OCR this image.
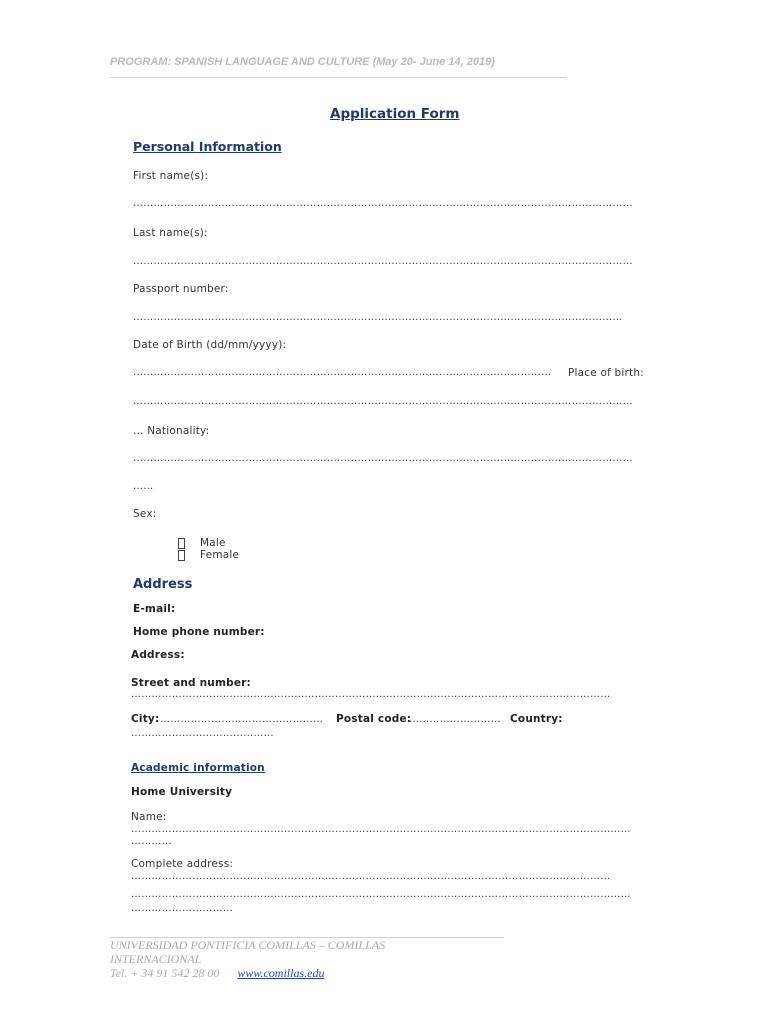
PROGRAM: SPANISH LANGUAGE AND CULTURE (May 20- June 14, 2019)
Application Form
Personal Information
First name(s):
…………………………………………………………………………………………………………………………………
Last name(s):
…………………………………………………………………………………………………………………………………
Passport number:
………………………………………………………………………………………………………………………………
Date of Birth (dd/mm/yyyy):
……………………………………………………………………………………………………………	Place of birth:
…………………………………………………………………………………………………………………………………
… Nationality:
…………………………………………………………………………………………………………………………………
……
Sex:
Male
Female
Address
E-mail:
Home phone number:
Address:
Street and number:
……………………………………………………………………………………………………………………………
City: …………………………………………	Postal code:
……………………… Country:
……………………………………
Academic information
Home University
Name:
…………………………………………………………………………………………………………………………………
…………
Complete address:
……………………………………………………………………………………………………………………………
…………………………………………………………………………………………………………………………………
…………………………
UNIVERSIDAD PONTIFICIA COMILLAS – COMILLAS
INTERNACIONAL
Tel. + 34 91 542 28 00 www.comillas.edu
